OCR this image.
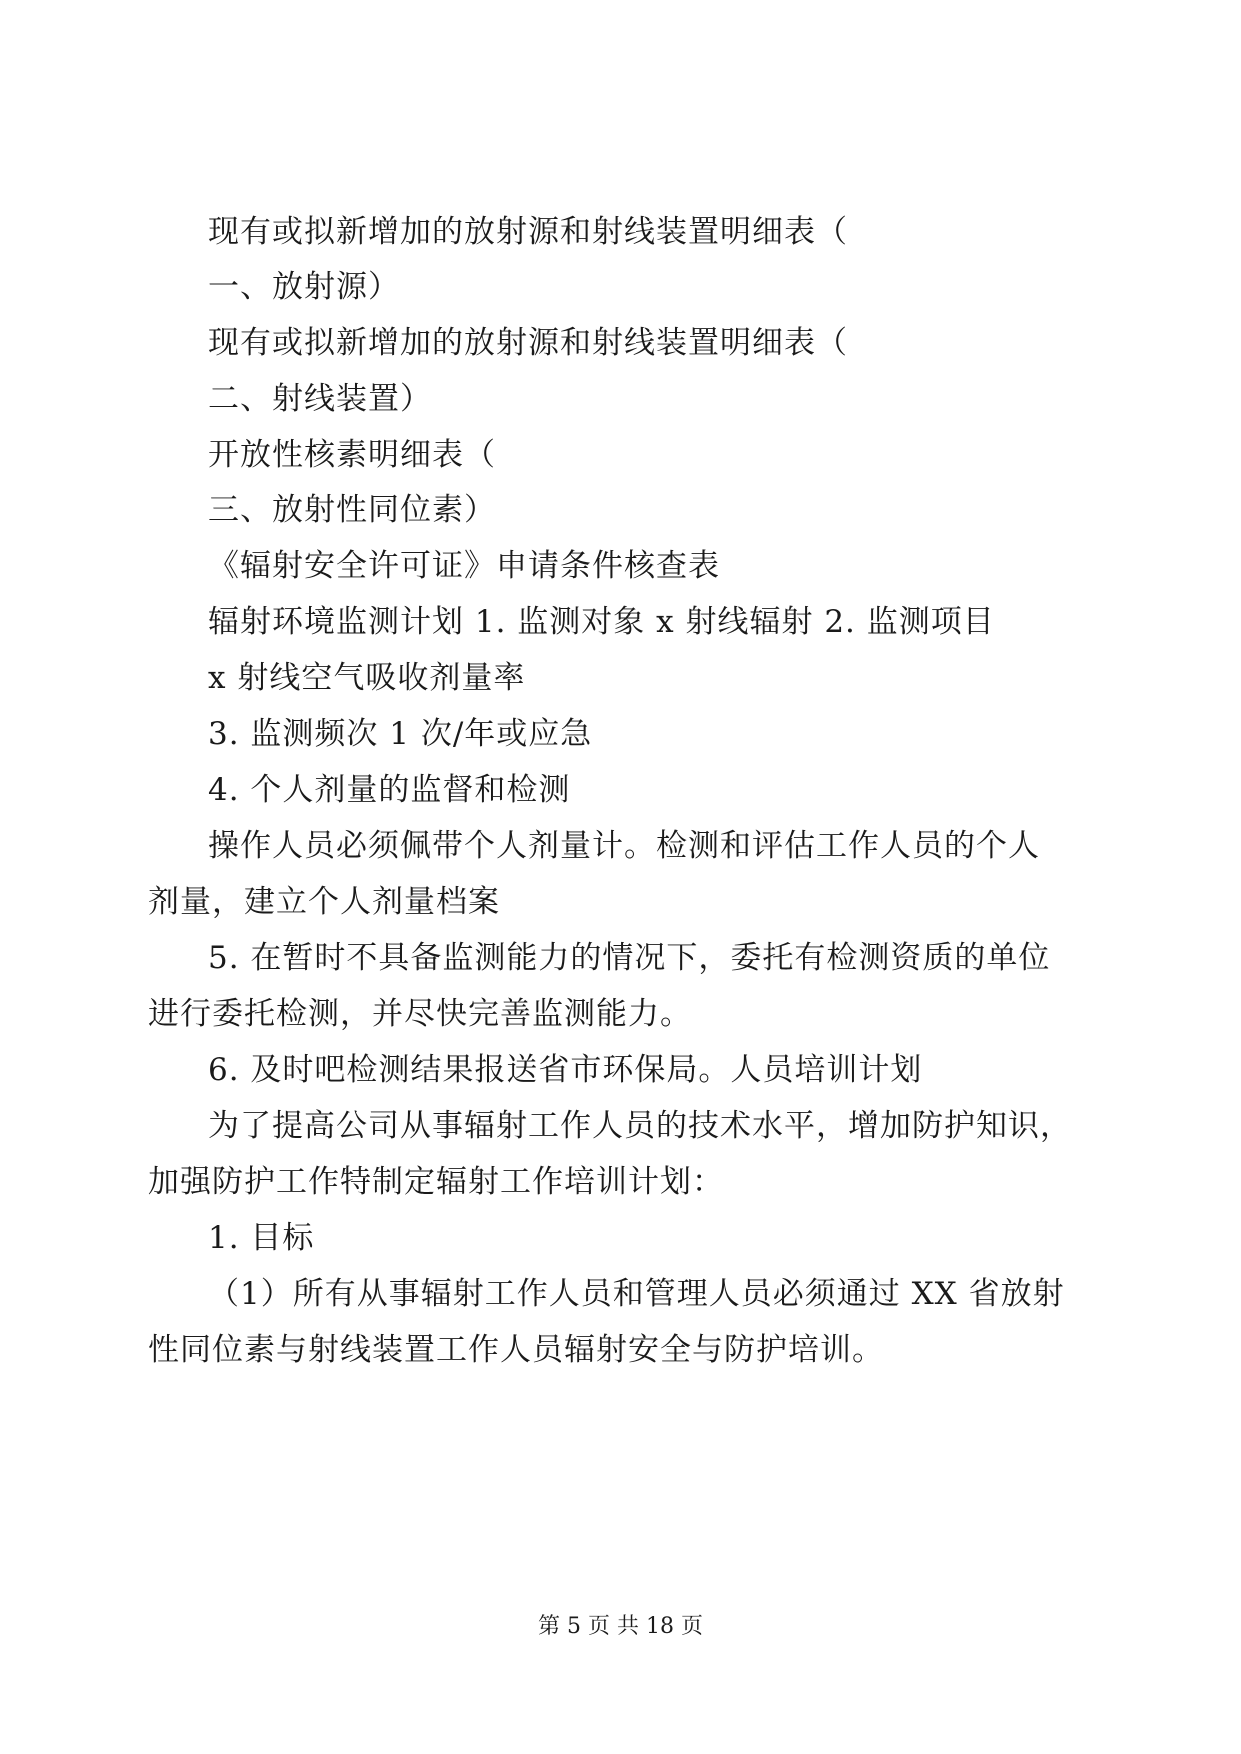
现有或拟新增加的放射源和射线装置明细表（
一、放射源）
现有或拟新增加的放射源和射线装置明细表（
二、射线装置）
开放性核素明细表（
三、放射性同位素）
《辐射安全许可证》申请条件核查表
辐射环境监测计划 1. 监测对象 x 射线辐射 2. 监测项目
x 射线空气吸收剂量率
3. 监测频次 1 次/年或应急
4. 个人剂量的监督和检测
操作人员必须佩带个人剂量计。检测和评估工作人员的个人
剂量，建立个人剂量档案
5. 在暂时不具备监测能力的情况下，委托有检测资质的单位
进行委托检测，并尽快完善监测能力。
6. 及时吧检测结果报送省市环保局。人员培训计划
为了提高公司从事辐射工作人员的技术水平，增加防护知识，
加强防护工作特制定辐射工作培训计划：
1. 目标
（1）所有从事辐射工作人员和管理人员必须通过 XX 省放射
性同位素与射线装置工作人员辐射安全与防护培训。
第 5 页 共 18 页
